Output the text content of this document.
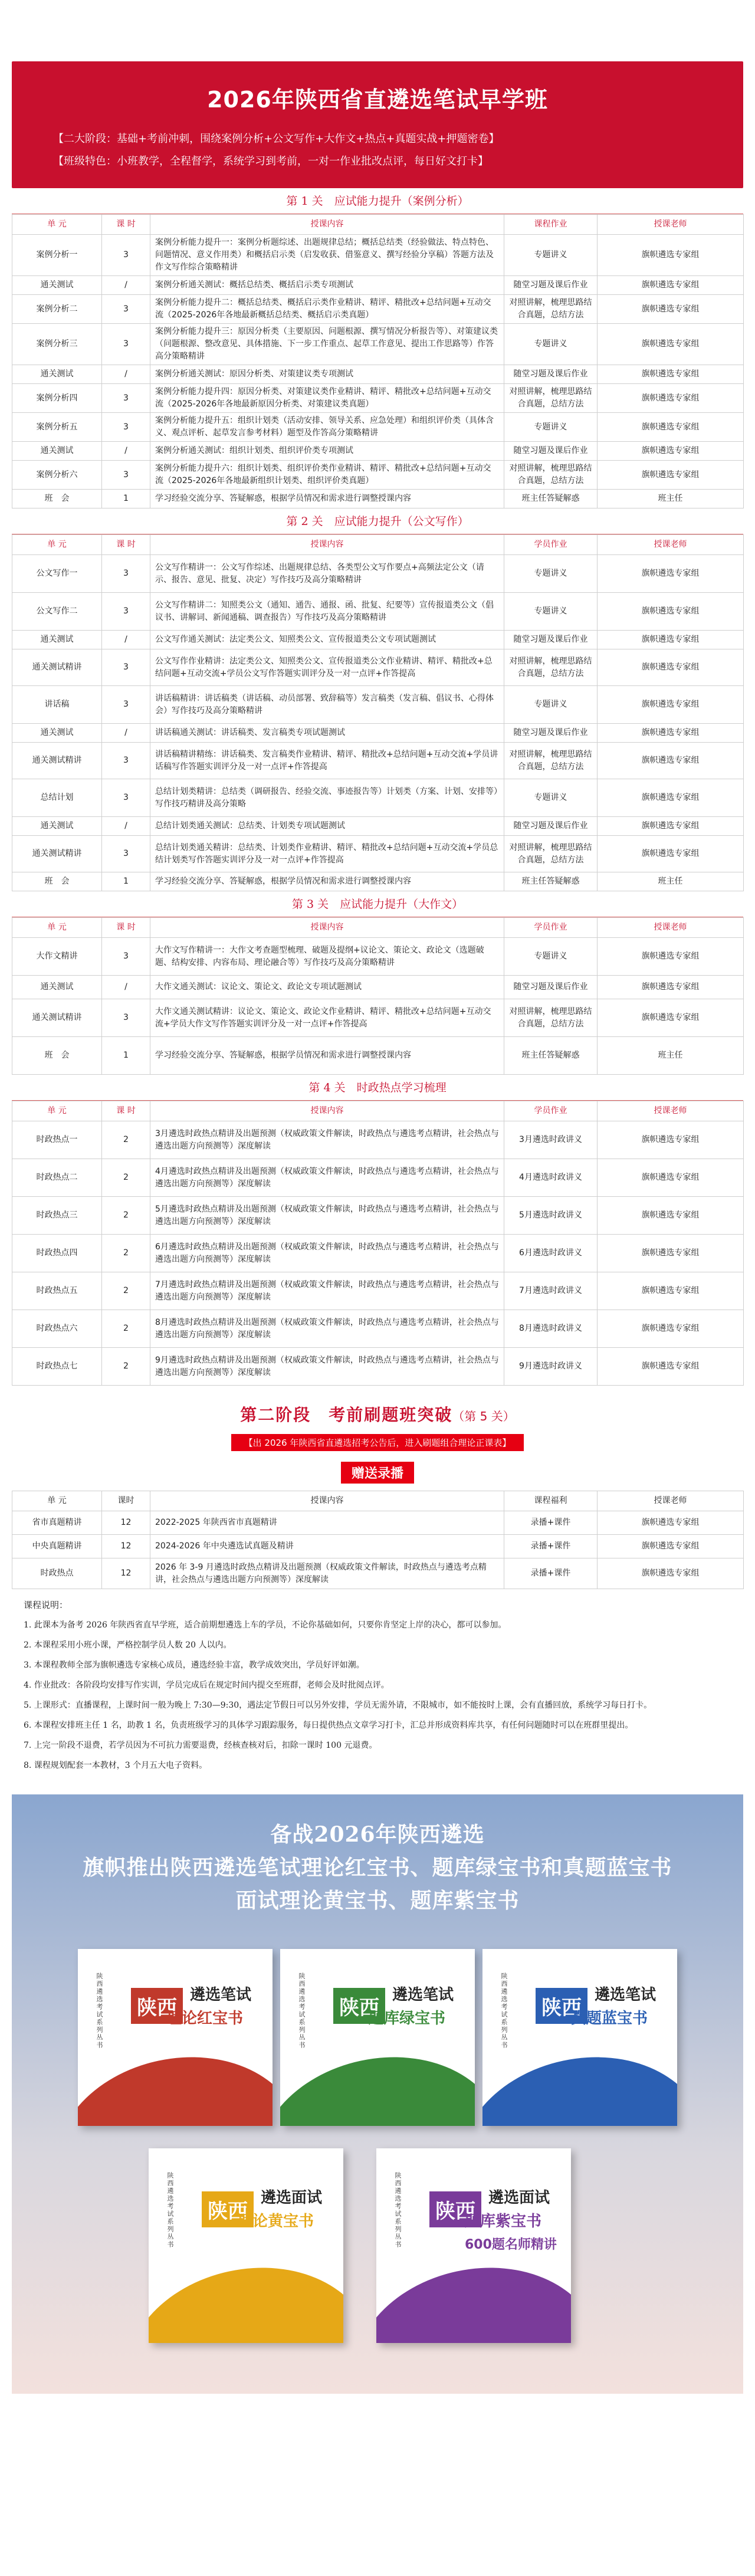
2026年陕西省直遴选笔试早学班
【二大阶段：基础+考前冲刺，围绕案例分析+公文写作+大作文+热点+真题实战+押题密卷】
【班级特色：小班教学，全程督学，系统学习到考前，一对一作业批改点评，每日好文打卡】
第 1 关　应试能力提升（案例分析）
单 元	课 时	授课内容	课程作业	授课老师
案例分析一	3	案例分析能力提升一：案例分析题综述、出题规律总结；概括总结类（经验做法、特点特色、问题情况、意义作用类）和概括启示类（启发收获、借鉴意义、撰写经验分享稿）答题方法及作文写作综合策略精讲	专题讲义	旗帜遴选专家组
通关测试	/	案例分析通关测试：概括总结类、概括启示类专项测试	随堂习题及课后作业	旗帜遴选专家组
案例分析二	3	案例分析能力提升二：概括总结类、概括启示类作业精讲、精评、精批改+总结问题+互动交流（2025-2026年各地最新概括总结类、概括启示类真题）	对照讲解，梳理思路结合真题，总结方法	旗帜遴选专家组
案例分析三	3	案例分析能力提升三：原因分析类（主要原因、问题根源、撰写情况分析报告等）、对策建议类（问题根源、整改意见、具体措施、下一步工作重点、起草工作意见、提出工作思路等）作答高分策略精讲	专题讲义	旗帜遴选专家组
通关测试	/	案例分析通关测试：原因分析类、对策建议类专项测试	随堂习题及课后作业	旗帜遴选专家组
案例分析四	3	案例分析能力提升四：原因分析类、对策建议类作业精讲、精评、精批改+总结问题+互动交流（2025-2026年各地最新原因分析类、对策建议类真题）	对照讲解，梳理思路结合真题，总结方法	旗帜遴选专家组
案例分析五	3	案例分析能力提升五：组织计划类（活动安排、领导关系、应急处理）和组织评价类（具体含义、观点评析、起草发言参考材料）题型及作答高分策略精讲	专题讲义	旗帜遴选专家组
通关测试	/	案例分析通关测试：组织计划类、组织评价类专项测试	随堂习题及课后作业	旗帜遴选专家组
案例分析六	3	案例分析能力提升六：组织计划类、组织评价类作业精讲、精评、精批改+总结问题+互动交流（2025-2026年各地最新组织计划类、组织评价类真题）	对照讲解，梳理思路结合真题，总结方法	旗帜遴选专家组
班　会	1	学习经验交流分享、答疑解惑，根据学员情况和需求进行调整授课内容	班主任答疑解惑	班主任
第 2 关　应试能力提升（公文写作）
单 元	课 时	授课内容	学员作业	授课老师
公文写作一	3	公文写作精讲一：公文写作综述、出题规律总结、各类型公文写作要点+高频法定公文（请示、报告、意见、批复、决定）写作技巧及高分策略精讲	专题讲义	旗帜遴选专家组
公文写作二	3	公文写作精讲二：知照类公文（通知、通告、通报、函、批复、纪要等）宣传报道类公文（倡议书、讲解词、新闻通稿、调查报告）写作技巧及高分策略精讲	专题讲义	旗帜遴选专家组
通关测试	/	公文写作通关测试：法定类公文、知照类公文、宣传报道类公文专项试题测试	随堂习题及课后作业	旗帜遴选专家组
通关测试精讲	3	公文写作作业精讲：法定类公文、知照类公文、宣传报道类公文作业精讲、精评、精批改+总结问题+互动交流+学员公文写作答题实训评分及一对一点评+作答提高	对照讲解，梳理思路结合真题，总结方法	旗帜遴选专家组
讲话稿	3	讲话稿精讲：讲话稿类（讲话稿、动员部署、致辞稿等）发言稿类（发言稿、倡议书、心得体会）写作技巧及高分策略精讲	专题讲义	旗帜遴选专家组
通关测试	/	讲话稿通关测试：讲话稿类、发言稿类专项试题测试	随堂习题及课后作业	旗帜遴选专家组
通关测试精讲	3	讲话稿精讲精练：讲话稿类、发言稿类作业精讲、精评、精批改+总结问题+互动交流+学员讲话稿写作答题实训评分及一对一点评+作答提高	对照讲解，梳理思路结合真题，总结方法	旗帜遴选专家组
总结计划	3	总结计划类精讲：总结类（调研报告、经验交流、事迹报告等）计划类（方案、计划、安排等）写作技巧精讲及高分策略	专题讲义	旗帜遴选专家组
通关测试	/	总结计划类通关测试：总结类、计划类专项试题测试	随堂习题及课后作业	旗帜遴选专家组
通关测试精讲	3	总结计划类通关精讲：总结类、计划类作业精讲、精评、精批改+总结问题+互动交流+学员总结计划类写作答题实训评分及一对一点评+作答提高	对照讲解，梳理思路结合真题，总结方法	旗帜遴选专家组
班　会	1	学习经验交流分享、答疑解惑，根据学员情况和需求进行调整授课内容	班主任答疑解惑	班主任
第 3 关　应试能力提升（大作文）
单 元	课 时	授课内容	学员作业	授课老师
大作文精讲	3	大作文写作精讲一：大作文考查题型梳理、破题及提纲+议论文、策论文、政论文（选题破题、结构安排、内容布局、理论融合等）写作技巧及高分策略精讲	专题讲义	旗帜遴选专家组
通关测试	/	大作文通关测试：议论文、策论文、政论文专项试题测试	随堂习题及课后作业	旗帜遴选专家组
通关测试精讲	3	大作文通关测试精讲：议论文、策论文、政论文作业精讲、精评、精批改+总结问题+互动交流+学员大作文写作答题实训评分及一对一点评+作答提高	对照讲解，梳理思路结合真题，总结方法	旗帜遴选专家组
班　会	1	学习经验交流分享、答疑解惑，根据学员情况和需求进行调整授课内容	班主任答疑解惑	班主任
第 4 关　时政热点学习梳理
单 元	课 时	授课内容	学员作业	授课老师
时政热点一	2	3月遴选时政热点精讲及出题预测（权威政策文件解读，时政热点与遴选考点精讲，社会热点与遴选出题方向预测等）深度解读	3月遴选时政讲义	旗帜遴选专家组
时政热点二	2	4月遴选时政热点精讲及出题预测（权威政策文件解读，时政热点与遴选考点精讲，社会热点与遴选出题方向预测等）深度解读	4月遴选时政讲义	旗帜遴选专家组
时政热点三	2	5月遴选时政热点精讲及出题预测（权威政策文件解读，时政热点与遴选考点精讲，社会热点与遴选出题方向预测等）深度解读	5月遴选时政讲义	旗帜遴选专家组
时政热点四	2	6月遴选时政热点精讲及出题预测（权威政策文件解读，时政热点与遴选考点精讲，社会热点与遴选出题方向预测等）深度解读	6月遴选时政讲义	旗帜遴选专家组
时政热点五	2	7月遴选时政热点精讲及出题预测（权威政策文件解读，时政热点与遴选考点精讲，社会热点与遴选出题方向预测等）深度解读	7月遴选时政讲义	旗帜遴选专家组
时政热点六	2	8月遴选时政热点精讲及出题预测（权威政策文件解读，时政热点与遴选考点精讲，社会热点与遴选出题方向预测等）深度解读	8月遴选时政讲义	旗帜遴选专家组
时政热点七	2	9月遴选时政热点精讲及出题预测（权威政策文件解读，时政热点与遴选考点精讲，社会热点与遴选出题方向预测等）深度解读	9月遴选时政讲义	旗帜遴选专家组
第二阶段　考前刷题班突破（第 5 关）
【出 2026 年陕西省直遴选招考公告后，进入刷题组合理论正课表】
赠送录播
单 元	课时	授课内容	课程福利	授课老师
省市真题精讲	12	2022-2025 年陕西省市真题精讲	录播+课件	旗帜遴选专家组
中央真题精讲	12	2024-2026 年中央遴选试真题及精讲	录播+课件	旗帜遴选专家组
时政热点	12	2026 年 3-9 月遴选时政热点精讲及出题预测（权威政策文件解读，时政热点与遴选考点精讲，社会热点与遴选出题方向预测等）深度解读	录播+课件	旗帜遴选专家组
课程说明：
1. 此课本为备考 2026 年陕西省直早学班，适合前期想遴选上车的学员，不论你基础如何，只要你肯坚定上岸的决心，都可以参加。
2. 本课程采用小班小课，严格控制学员人数 20 人以内。
3. 本课程教师全部为旗帜遴选专家核心成员，遴选经验丰富，教学成效突出，学员好评如潮。
4. 作业批改：各阶段均安排写作实训，学员完成后在规定时间内提交至班群，老师会及时批阅点评。
5. 上课形式：直播课程，上课时间一般为晚上 7:30—9:30，遇法定节假日可以另外安排，学员无需外请，不限城市，如不能按时上课，会有直播回放，系统学习每日打卡。
6. 本课程安排班主任 1 名，助教 1 名，负责班级学习的具体学习跟踪服务，每日提供热点文章学习打卡，汇总并形成资料库共享，有任何问题随时可以在班群里提出。
7. 上完一阶段不退费，若学员因为不可抗力需要退费，经核查核对后，扣除一课时 100 元退费。
8. 课程规划配套一本教材，3 个月五大电子资料。
备战2026年陕西遴选
旗帜推出陕西遴选笔试理论红宝书、题库绿宝书和真题蓝宝书
面试理论黄宝书、题库紫宝书
陕西遴选考试系列丛书 陕西
遴选笔试
理论红宝书	陕西遴选考试系列丛书 陕西
遴选笔试
题库绿宝书	陕西遴选考试系列丛书 陕西
遴选笔试
真题蓝宝书
陕西遴选考试系列丛书 陕西
遴选面试
理论黄宝书	陕西遴选考试系列丛书 陕西
遴选面试
题库紫宝书
600题名师精讲
